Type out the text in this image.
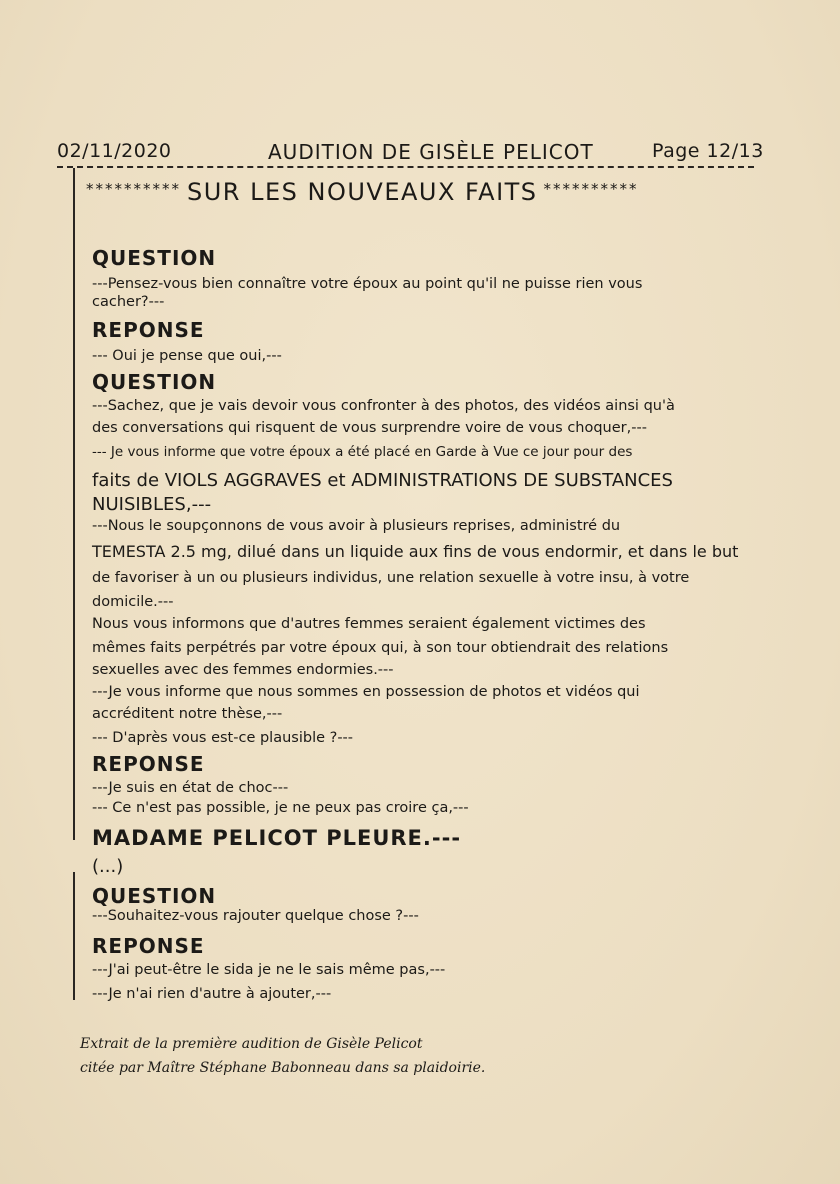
02/11/2020	AUDITION DE GISÈLE PELICOT	Page 12/13
********** SUR LES NOUVEAUX FAITS **********
QUESTION
---Pensez-vous bien connaître votre époux au point qu'il ne puisse rien vous
cacher?---
REPONSE
--- Oui je pense que oui,---
QUESTION
---Sachez, que je vais devoir vous confronter à des photos, des vidéos ainsi qu'à
des conversations qui risquent de vous surprendre voire de vous choquer,---
--- Je vous informe que votre époux a été placé en Garde à Vue ce jour pour des
faits de VIOLS AGGRAVES et ADMINISTRATIONS DE SUBSTANCES
NUISIBLES,---
---Nous le soupçonnons de vous avoir à plusieurs reprises, administré du
TEMESTA 2.5 mg, dilué dans un liquide aux fins de vous endormir, et dans le but
de favoriser à un ou plusieurs individus, une relation sexuelle à votre insu, à votre
domicile.---
Nous vous informons que d'autres femmes seraient également victimes des
mêmes faits perpétrés par votre époux qui, à son tour obtiendrait des relations
sexuelles avec des femmes endormies.---
---Je vous informe que nous sommes en possession de photos et vidéos qui
accréditent notre thèse,---
--- D'après vous est-ce plausible ?---
REPONSE
---Je suis en état de choc---
--- Ce n'est pas possible, je ne peux pas croire ça,---
MADAME PELICOT PLEURE.---
(...)
QUESTION
---Souhaitez-vous rajouter quelque chose ?---
REPONSE
---J'ai peut-être le sida je ne le sais même pas,---
---Je n'ai rien d'autre à ajouter,---
Extrait de la première audition de Gisèle Pelicot
citée par Maître Stéphane Babonneau dans sa plaidoirie.
